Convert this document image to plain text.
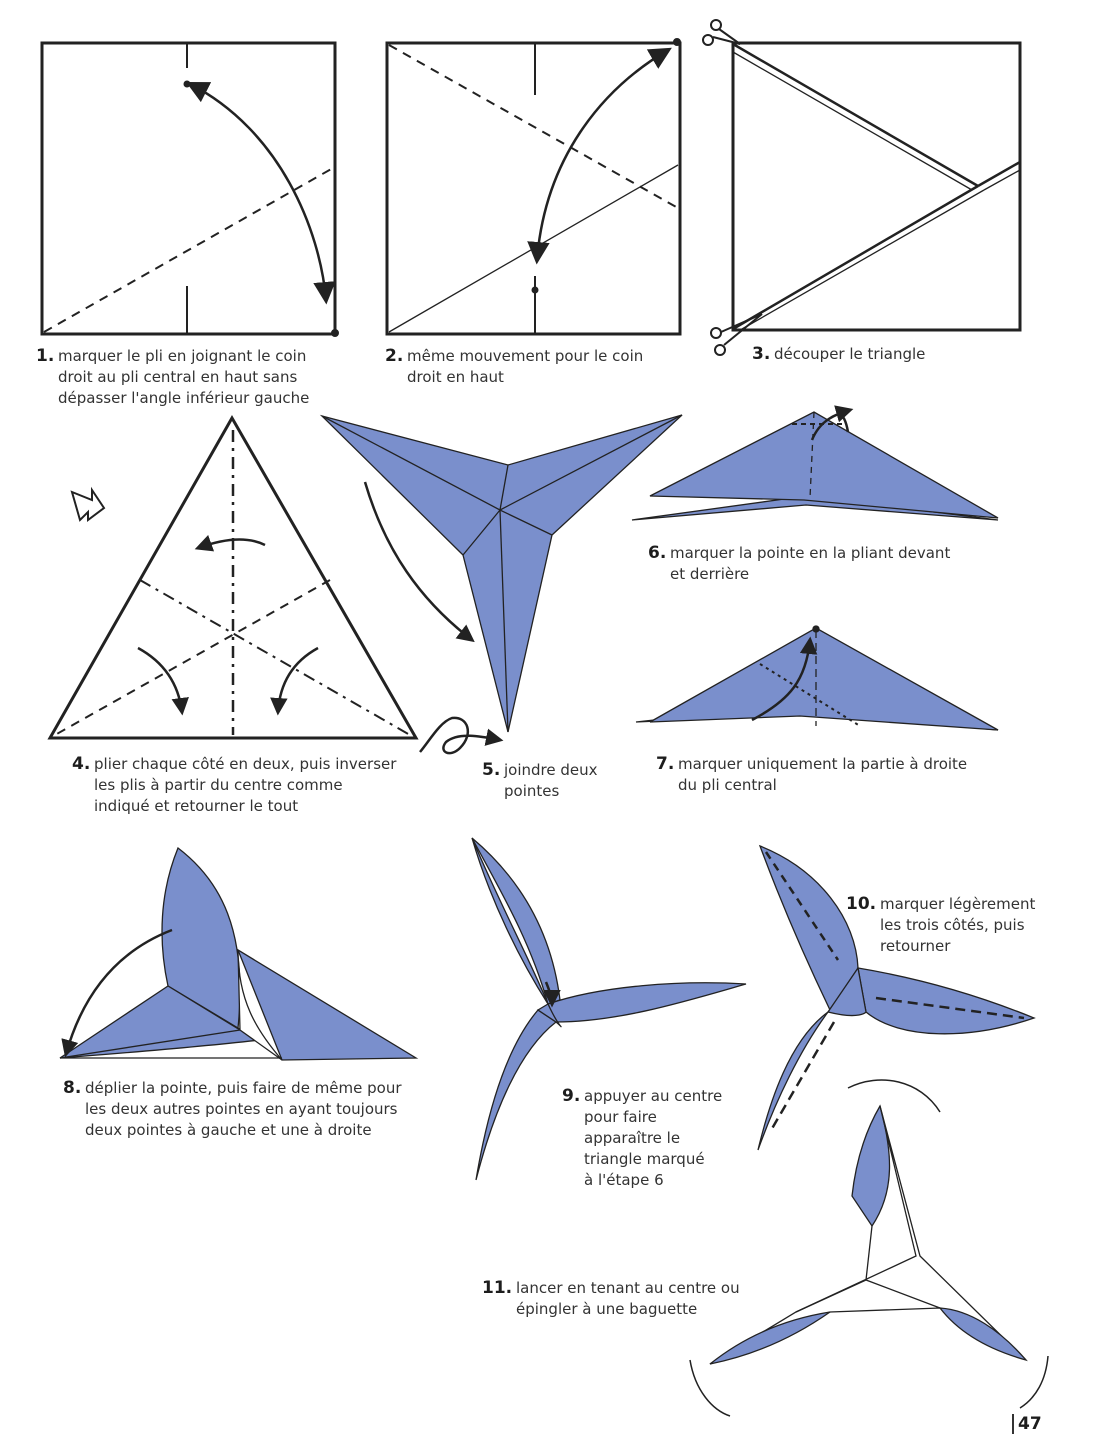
1. marquer le pli en joignant le coin
droit au pli central en haut sans
dépasser l'angle inférieur gauche
2. même mouvement pour le coin
droit en haut
3. découper le triangle
4. plier chaque côté en deux, puis inverser
les plis à partir du centre comme
indiqué et retourner le tout
5. joindre deux
pointes
6. marquer la pointe en la pliant devant
et derrière
7. marquer uniquement la partie à droite
du pli central
8. déplier la pointe, puis faire de même pour
les deux autres pointes en ayant toujours
deux pointes à gauche et une à droite
9. appuyer au centre
pour faire
apparaître le
triangle marqué
à l'étape 6
10. marquer légèrement
les trois côtés, puis
retourner
11. lancer en tenant au centre ou
épingler à une baguette
47
